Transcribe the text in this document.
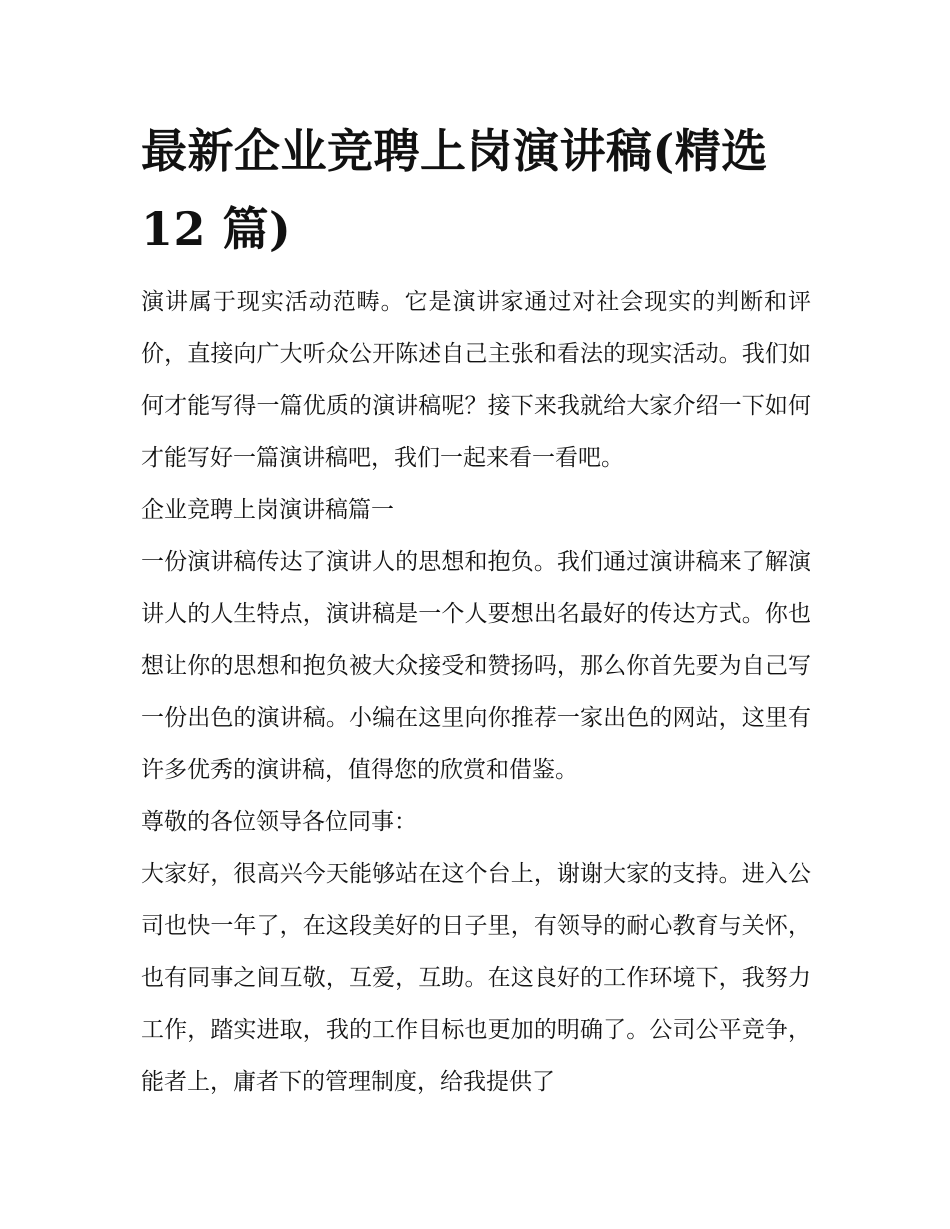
最新企业竞聘上岗演讲稿(精选 12 篇)

演讲属于现实活动范畴。它是演讲家通过对社会现实的判断和评价，直接向广大听众公开陈述自己主张和看法的现实活动。我们如何才能写得一篇优质的演讲稿呢？接下来我就给大家介绍一下如何才能写好一篇演讲稿吧，我们一起来看一看吧。

企业竞聘上岗演讲稿篇一

一份演讲稿传达了演讲人的思想和抱负。我们通过演讲稿来了解演讲人的人生特点，演讲稿是一个人要想出名最好的传达方式。你也想让你的思想和抱负被大众接受和赞扬吗，那么你首先要为自己写一份出色的演讲稿。小编在这里向你推荐一家出色的网站，这里有许多优秀的演讲稿，值得您的欣赏和借鉴。

尊敬的各位领导各位同事：

大家好，很高兴今天能够站在这个台上，谢谢大家的支持。进入公司也快一年了，在这段美好的日子里，有领导的耐心教育与关怀，也有同事之间互敬，互爱，互助。在这良好的工作环境下，我努力工作，踏实进取，我的工作目标也更加的明确了。公司公平竞争，能者上，庸者下的管理制度，给我提供了
